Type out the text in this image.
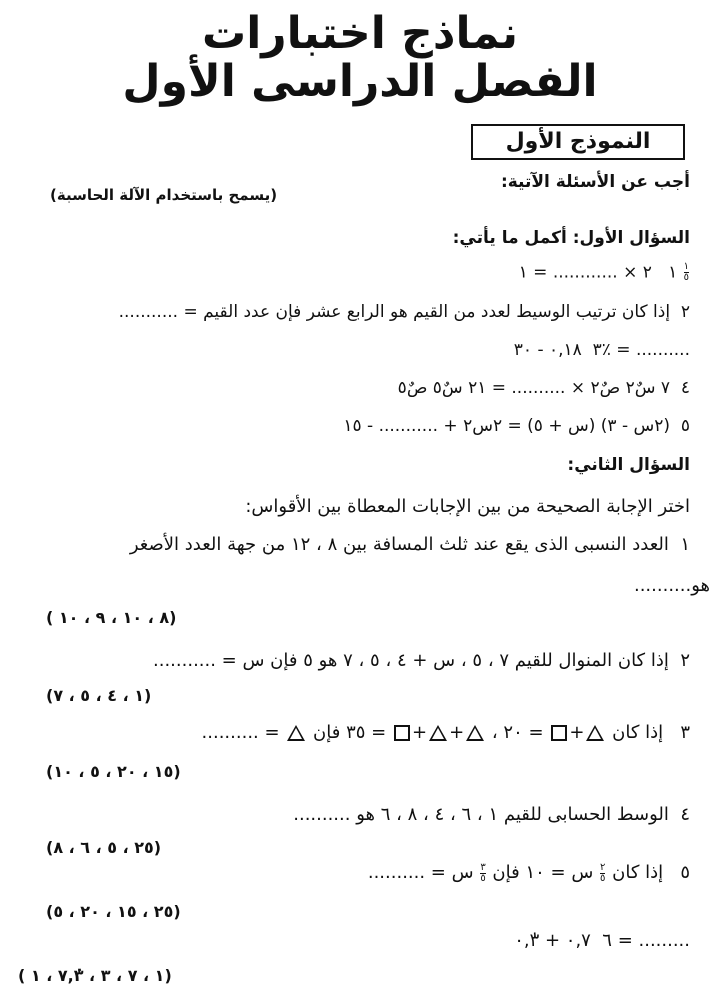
نماذج اختبارات
الفصل الدراسى الأول
النموذج الأول
أجب عن الأسئلة الآتية:
(يسمح باستخدام الآلة الحاسبة)
السؤال الأول: أكمل ما يأتي:
١   ٢ × ............ = ١	$\frac{١}{٥}$
٢  إذا كان ترتيب الوسيط لعدد من القيم هو الرابع عشر فإن عدد القيم = ...........
٣  ٠,١٨ - ٣٠٪ = ..........
٤  ٧ سٌ٢ صٌ٢ × .......... = ٢١ سٌ٥ صٌ٥
٥  (٢س - ٣) (س + ٥) = ٢س٢ + ........... - ١٥
السؤال الثاني:
اختر الإجابة الصحيحة من بين الإجابات المعطاة بين الأقواس:
١  العدد النسبى الذى يقع عند ثلث المسافة بين ٨ ، ١٢ من جهة العدد الأصغر
هو..........
( ٨ ، ١٠ ، ٩ ، ١٠)
٢  إذا كان المنوال للقيم ٧ ، ٥ ، س + ٤ ، ٥ ، ٧ هو ٥ فإن س = ...........
(١ ، ٤ ، ٥ ، ٧)
٣   إذا كان + = ٢٠ ، ++ = ٣٥ فإن  = ..........
(١٥ ، ٢٠ ، ٥ ، ١٠)
٤  الوسط الحسابى للقيم ١ ، ٦ ، ٤ ، ٨ ، ٦ هو ..........
(٢٥ ، ٥ ، ٦ ، ٨)
٥   إذا كان
$\frac{٢}{٥}$
س = ١٠ فإن
$\frac{٣}{٥}$
س = ..........
(٢٥ ، ١٥ ، ٢٠ ، ٥)
٦  ٠,٧ + ٠,٣̇ = .........
( ١ ، ٧ ، ٣ ، ٧,٣̇ ، ١)
